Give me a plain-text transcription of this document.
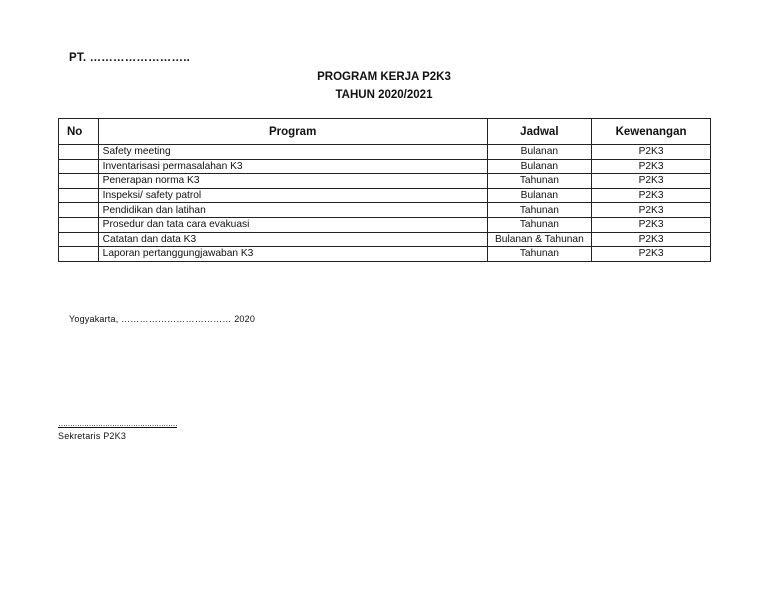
PT. ……………………..
PROGRAM KERJA P2K3
TAHUN 2020/2021
No	Program	Jadwal	Kewenangan
	Safety meeting	Bulanan	P2K3
	Inventarisasi permasalahan K3	Bulanan	P2K3
	Penerapan norma K3	Tahunan	P2K3
	Inspeksi/ safety patrol	Bulanan	P2K3
	Pendidikan dan latihan	Tahunan	P2K3
	Prosedur dan tata cara evakuasi	Tahunan	P2K3
	Catatan dan data K3	Bulanan & Tahunan	P2K3
	Laporan pertanggungjawaban K3	Tahunan	P2K3
Yogyakarta, ……………………………… 2020
……………………………………………
Sekretaris P2K3
